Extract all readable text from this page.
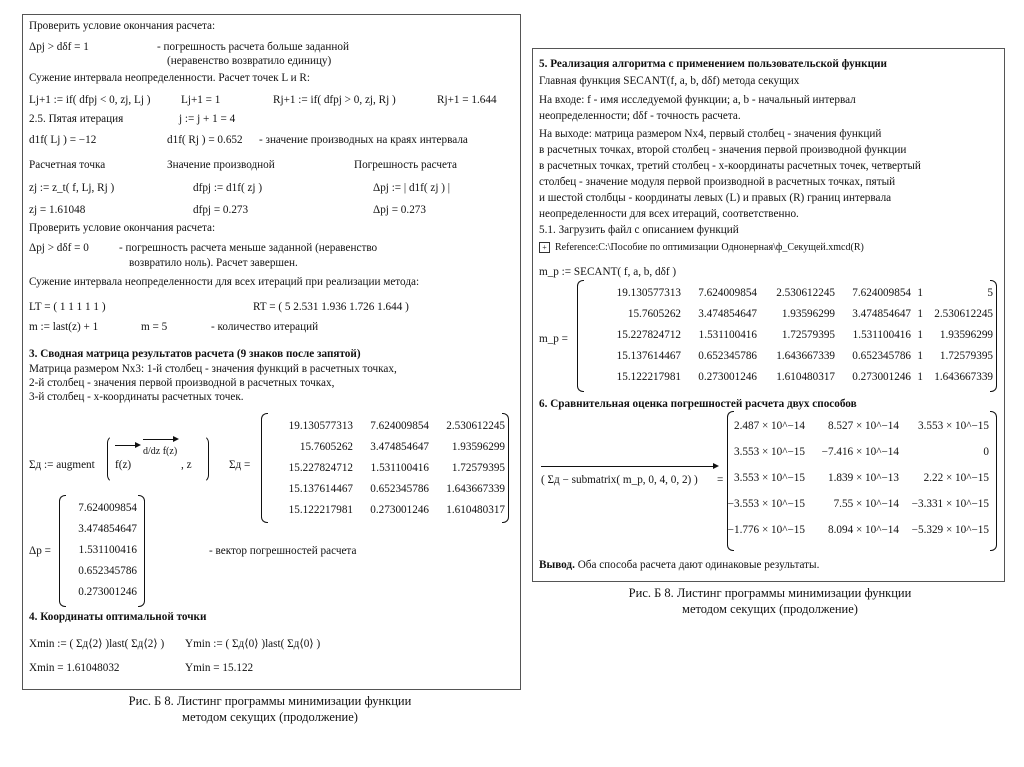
Проверить условие окончания расчета:
Δpj > dδf = 1	- погрешность расчета больше заданной
(неравенство возвратило единицу)
Сужение интервала неопределенности. Расчет точек L и R:
Lj+1 := if( dfpj < 0, zj, Lj )	Lj+1 = 1	Rj+1 := if( dfpj > 0, zj, Rj )	Rj+1 = 1.644
2.5. Пятая итерация	j := j + 1 = 4
d1f( Lj ) = −12	d1f( Rj ) = 0.652 - значение производных на краях интервала
Расчетная точка	Значение производной	Погрешность расчета
zj := z_t( f, Lj, Rj )	dfpj := d1f( zj )	Δpj := | d1f( zj ) |
zj = 1.61048	dfpj = 0.273	Δpj = 0.273
Проверить условие окончания расчета:
Δpj > dδf = 0	- погрешность расчета меньше заданной (неравенство
возвратило ноль). Расчет завершен.
Сужение интервала неопределенности для всех итераций при реализации метода:
LT = ( 1 1 1 1 1 )	RT = ( 5 2.531 1.936 1.726 1.644 )
m := last(z) + 1	m = 5	- количество итераций
3. Сводная матрица результатов расчета (9 знаков после запятой)
Матрица размером Nx3: 1-й столбец - значения функций в расчетных точках,
2-й столбец - значения первой производной в расчетных точках,
3-й столбец - х-координаты расчетных точек.
Σд := augment f(z)
d/dz f(z)
, z	Σд =
19.130577313 7.624009854 2.530612245
15.7605262 3.474854647 1.93596299
15.227824712 1.531100416 1.72579395
15.137614467 0.652345786 1.643667339
15.122217981 0.273001246 1.610480317
Δp =
7.624009854
3.474854647
1.531100416
0.652345786
0.273001246
- вектор погрешностей расчета
4. Координаты оптимальной точки
Xmin := ( Σд⟨2⟩ )last( Σд⟨2⟩ ) Ymin := ( Σд⟨0⟩ )last( Σд⟨0⟩ )
Xmin = 1.61048032	Ymin = 15.122
Рис. Б 8. Листинг программы минимизации функции
методом секущих (продолжение)
5. Реализация алгоритма с применением пользовательской функции
Главная функция SECANT(f, a, b, dδf) метода секущих
На входе: f - имя исследуемой функции; a, b - начальный интервал
неопределенности; dδf - точность расчета.
На выходе: матрица размером Nx4, первый столбец - значения функций
в расчетных точках, второй столбец - значения первой производной функции
в расчетных точках, третий столбец - х-координаты расчетных точек, четвертый
столбец - значение модуля первой производной в расчетных точках, пятый
и шестой столбцы - координаты левых (L) и правых (R) границ интервала
неопределенности для всех итераций, соответственно.
5.1. Загрузить файл с описанием функций
+ Reference:C:\Пособие по оптимизации Однонерная\ф_Секущей.xmcd(R)
m_p := SECANT( f, a, b, dδf )
m_p =
19.130577313 7.624009854 2.530612245 7.624009854 1	5
15.7605262 3.474854647 1.93596299 3.474854647 1 2.530612245
15.227824712 1.531100416 1.72579395 1.531100416 1 1.93596299
15.137614467 0.652345786 1.643667339 0.652345786 1 1.72579395
15.122217981 0.273001246 1.610480317 0.273001246 1 1.643667339
6. Сравнительная оценка погрешностей расчета двух способов
( Σд − submatrix( m_p, 0, 4, 0, 2) ) =
2.487 × 10^−14 8.527 × 10^−14 3.553 × 10^−15
3.553 × 10^−15 −7.416 × 10^−14	0
3.553 × 10^−15 1.839 × 10^−13 2.22 × 10^−15
−3.553 × 10^−15	7.55 × 10^−14 −3.331 × 10^−15
−1.776 × 10^−15 8.094 × 10^−14 −5.329 × 10^−15
Вывод. Оба способа расчета дают одинаковые результаты.
Рис. Б 8. Листинг программы минимизации функции
методом секущих (продолжение)
